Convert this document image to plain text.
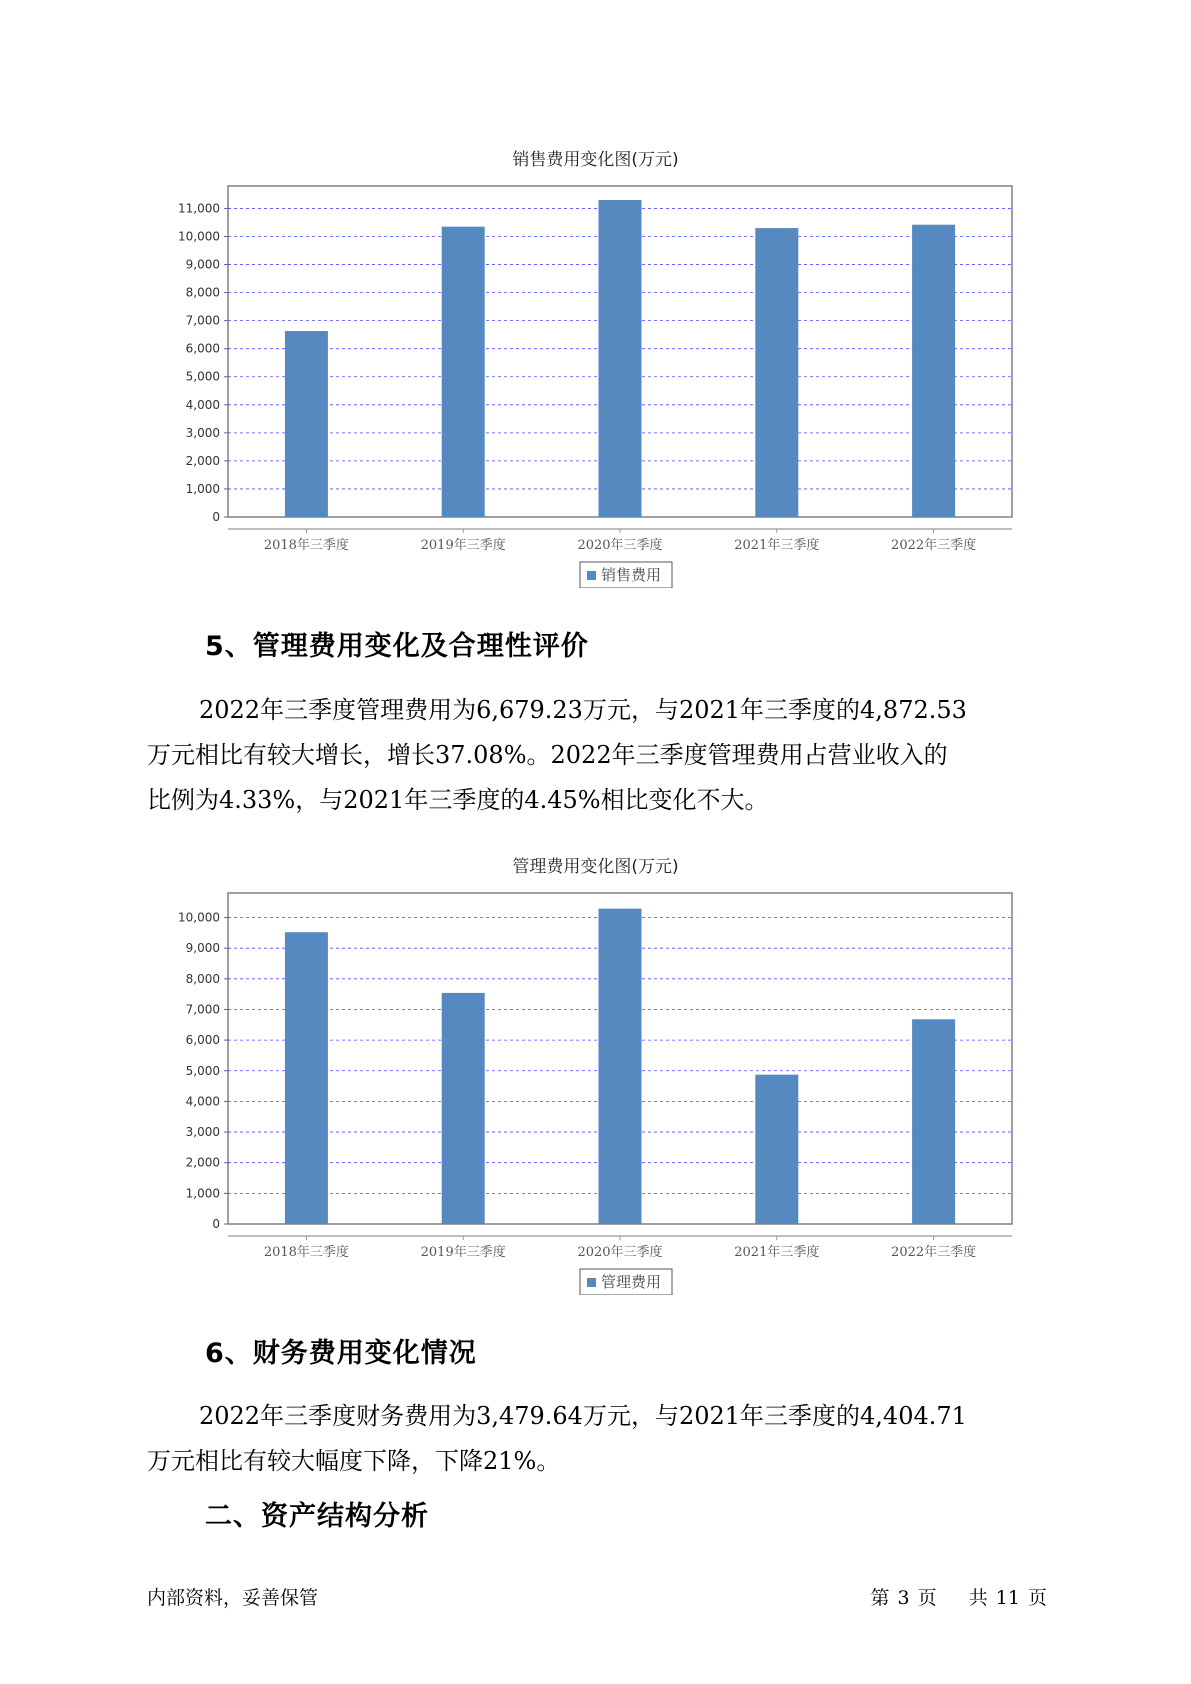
销售费用变化图(万元)
0
1,000
2,000
3,000
4,000
5,000
6,000
7,000
8,000
9,000
10,000
11,000
2018年三季度	2019年三季度	2020年三季度	2021年三季度	2022年三季度
销售费用
5、管理费用变化及合理性评价
2022年三季度管理费用为6,679.23万元，与2021年三季度的4,872.53
万元相比有较大增长，增长37.08%。2022年三季度管理费用占营业收入的
比例为4.33%，与2021年三季度的4.45%相比变化不大。
管理费用变化图(万元)
0
1,000
2,000
3,000
4,000
5,000
6,000
7,000
8,000
9,000
10,000
2018年三季度	2019年三季度	2020年三季度	2021年三季度	2022年三季度
管理费用
6、财务费用变化情况
2022年三季度财务费用为3,479.64万元，与2021年三季度的4,404.71
万元相比有较大幅度下降，下降21%。
二、资产结构分析
内部资料，妥善保管	第 3 页 共 11 页
